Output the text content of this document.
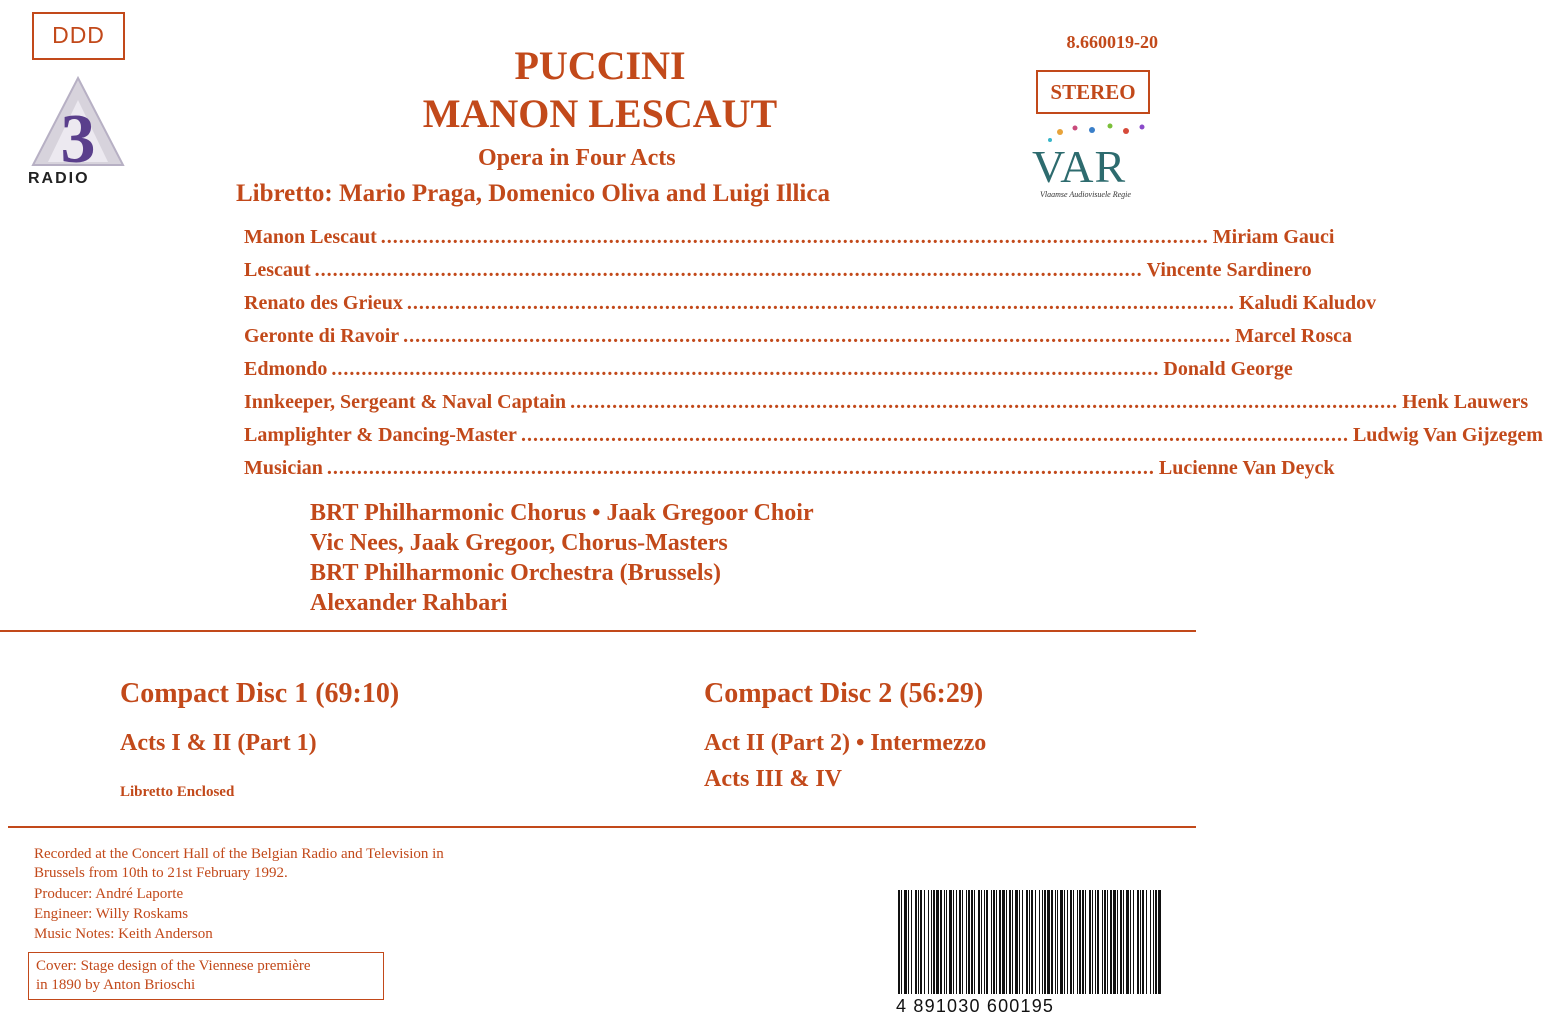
DDD
3
RADIO
8.660019-20
STEREO
VAR
Vlaamse Audiovisuele Regie
PUCCINI
MANON LESCAUT
Opera in Four Acts
Libretto: Mario Praga, Domenico Oliva and Luigi Illica
Manon Lescaut .......................................................................................................................................... Miriam Gauci
Lescaut .......................................................................................................................................... Vincente Sardinero
Renato des Grieux .......................................................................................................................................... Kaludi Kaludov
Geronte di Ravoir .......................................................................................................................................... Marcel Rosca
Edmondo .......................................................................................................................................... Donald George
Innkeeper, Sergeant & Naval Captain .......................................................................................................................................... Henk Lauwers
Lamplighter & Dancing-Master .......................................................................................................................................... Ludwig Van Gijzegem
Musician .......................................................................................................................................... Lucienne Van Deyck
BRT Philharmonic Chorus • Jaak Gregoor Choir
Vic Nees, Jaak Gregoor, Chorus-Masters
BRT Philharmonic Orchestra (Brussels)
Alexander Rahbari
Compact Disc 1 (69:10)
Acts I & II (Part 1)
Libretto Enclosed
Compact Disc 2 (56:29)
Act II (Part 2) • Intermezzo
Acts III & IV
Recorded at the Concert Hall of the Belgian Radio and Television in
Brussels from 10th to 21st February 1992.
Producer: André Laporte
Engineer: Willy Roskams
Music Notes: Keith Anderson
Cover: Stage design of the Viennese première
in 1890 by Anton Brioschi
4 891030 600195
